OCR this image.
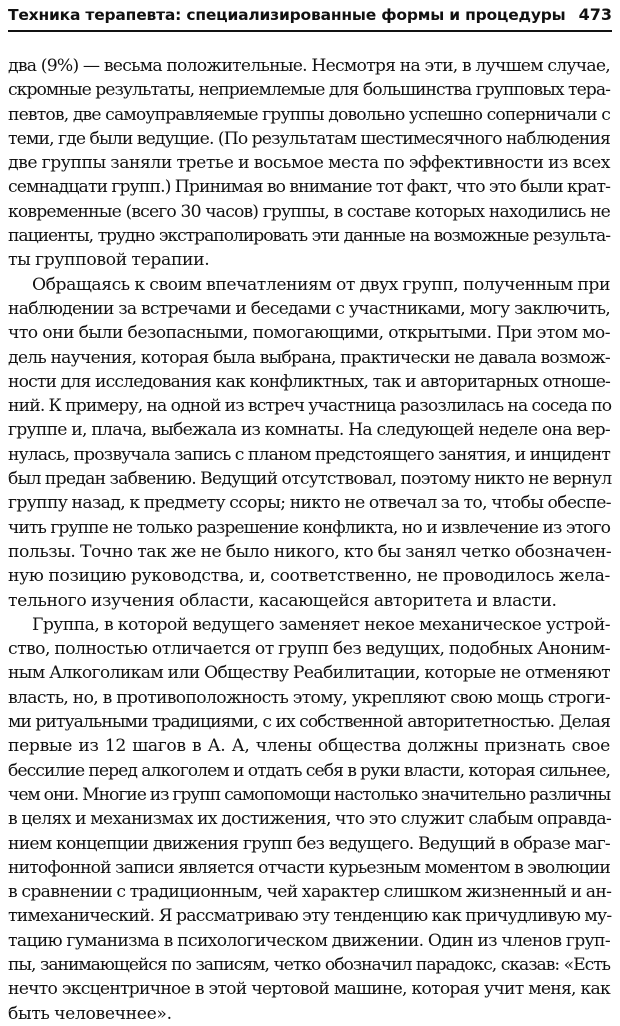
Техника терапевта: специализированные формы и процедуры 473
два (9%) — весьма положительные. Несмотря на эти, в лучшем случае,
скромные результаты, неприемлемые для большинства групповых тера-
певтов, две самоуправляемые группы довольно успешно соперничали с
теми, где были ведущие. (По результатам шестимесячного наблюдения
две группы заняли третье и восьмое места по эффективности из всех
семнадцати групп.) Принимая во внимание тот факт, что это были крат-
ковременные (всего 30 часов) группы, в составе которых находились не
пациенты, трудно экстраполировать эти данные на возможные результа-
ты групповой терапии.
Обращаясь к своим впечатлениям от двух групп, полученным при
наблюдении за встречами и беседами с участниками, могу заключить,
что они были безопасными, помогающими, открытыми. При этом мо-
дель научения, которая была выбрана, практически не давала возмож-
ности для исследования как конфликтных, так и авторитарных отноше-
ний. К примеру, на одной из встреч участница разозлилась на соседа по
группе и, плача, выбежала из комнаты. На следующей неделе она вер-
нулась, прозвучала запись с планом предстоящего занятия, и инцидент
был предан забвению. Ведущий отсутствовал, поэтому никто не вернул
группу назад, к предмету ссоры; никто не отвечал за то, чтобы обеспе-
чить группе не только разрешение конфликта, но и извлечение из этого
пользы. Точно так же не было никого, кто бы занял четко обозначен-
ную позицию руководства, и, соответственно, не проводилось жела-
тельного изучения области, касающейся авторитета и власти.
Группа, в которой ведущего заменяет некое механическое устрой-
ство, полностью отличается от групп без ведущих, подобных Аноним-
ным Алкоголикам или Обществу Реабилитации, которые не отменяют
власть, но, в противоположность этому, укрепляют свою мощь строги-
ми ритуальными традициями, с их собственной авторитетностью. Делая
первые из 12 шагов в А. А, члены общества должны признать свое
бессилие перед алкоголем и отдать себя в руки власти, которая сильнее,
чем они. Многие из групп самопомощи настолько значительно различны
в целях и механизмах их достижения, что это служит слабым оправда-
нием концепции движения групп без ведущего. Ведущий в образе маг-
нитофонной записи является отчасти курьезным моментом в эволюции
в сравнении с традиционным, чей характер слишком жизненный и ан-
тимеханический. Я рассматриваю эту тенденцию как причудливую му-
тацию гуманизма в психологическом движении. Один из членов груп-
пы, занимающейся по записям, четко обозначил парадокс, сказав: «Есть
нечто эксцентричное в этой чертовой машине, которая учит меня, как
быть человечнее».
